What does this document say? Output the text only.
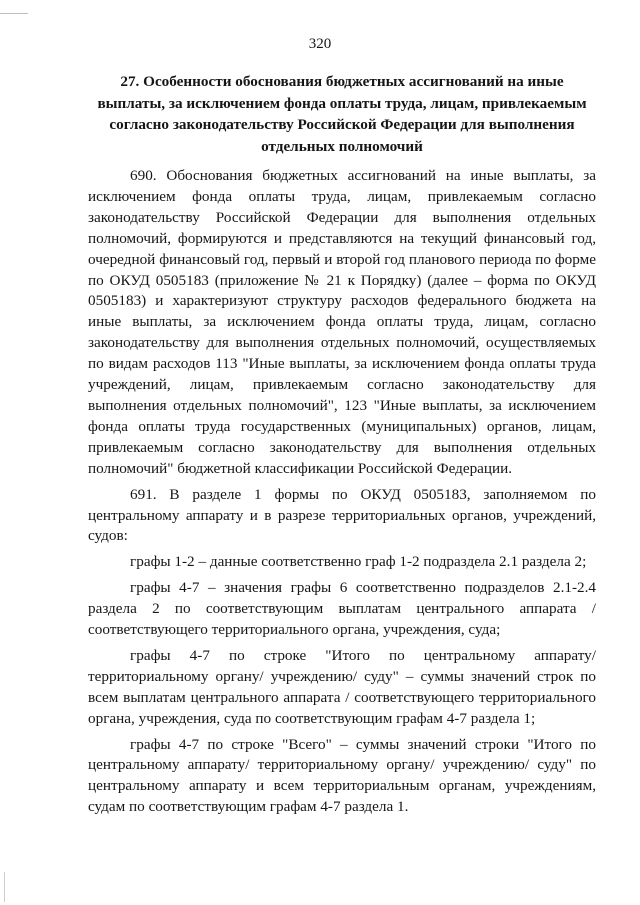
320
27. Особенности обоснования бюджетных ассигнований на иные выплаты, за исключением фонда оплаты труда, лицам, привлекаемым согласно законодательству Российской Федерации для выполнения отдельных полномочий

690. Обоснования бюджетных ассигнований на иные выплаты, за исключением фонда оплаты труда, лицам, привлекаемым согласно законодательству Российской Федерации для выполнения отдельных полномочий, формируются и представляются на текущий финансовый год, очередной финансовый год, первый и второй год планового периода по форме по ОКУД 0505183 (приложение № 21 к Порядку) (далее – форма по ОКУД 0505183) и характеризуют структуру расходов федерального бюджета на иные выплаты, за исключением фонда оплаты труда, лицам, согласно законодательству для выполнения отдельных полномочий, осуществляемых по видам расходов 113 "Иные выплаты, за исключением фонда оплаты труда учреждений, лицам, привлекаемым согласно законодательству для выполнения отдельных полномочий", 123 "Иные выплаты, за исключением фонда оплаты труда государственных (муниципальных) органов, лицам, привлекаемым согласно законодательству для выполнения отдельных полномочий" бюджетной классификации Российской Федерации.

691. В разделе 1 формы по ОКУД 0505183, заполняемом по центральному аппарату и в разрезе территориальных органов, учреждений, судов:

графы 1-2 – данные соответственно граф 1-2 подраздела 2.1 раздела 2;

графы 4-7 – значения графы 6 соответственно подразделов 2.1-2.4 раздела 2 по соответствующим выплатам центрального аппарата / соответствующего территориального органа, учреждения, суда;

графы 4-7 по строке "Итого по центральному аппарату/ территориальному органу/ учреждению/ суду" – суммы значений строк по всем выплатам центрального аппарата / соответствующего территориального органа, учреждения, суда по соответствующим графам 4-7 раздела 1;

графы 4-7 по строке "Всего" – суммы значений строки "Итого по центральному аппарату/ территориальному органу/ учреждению/ суду" по центральному аппарату и всем территориальным органам, учреждениям, судам по соответствующим графам 4-7 раздела 1.
